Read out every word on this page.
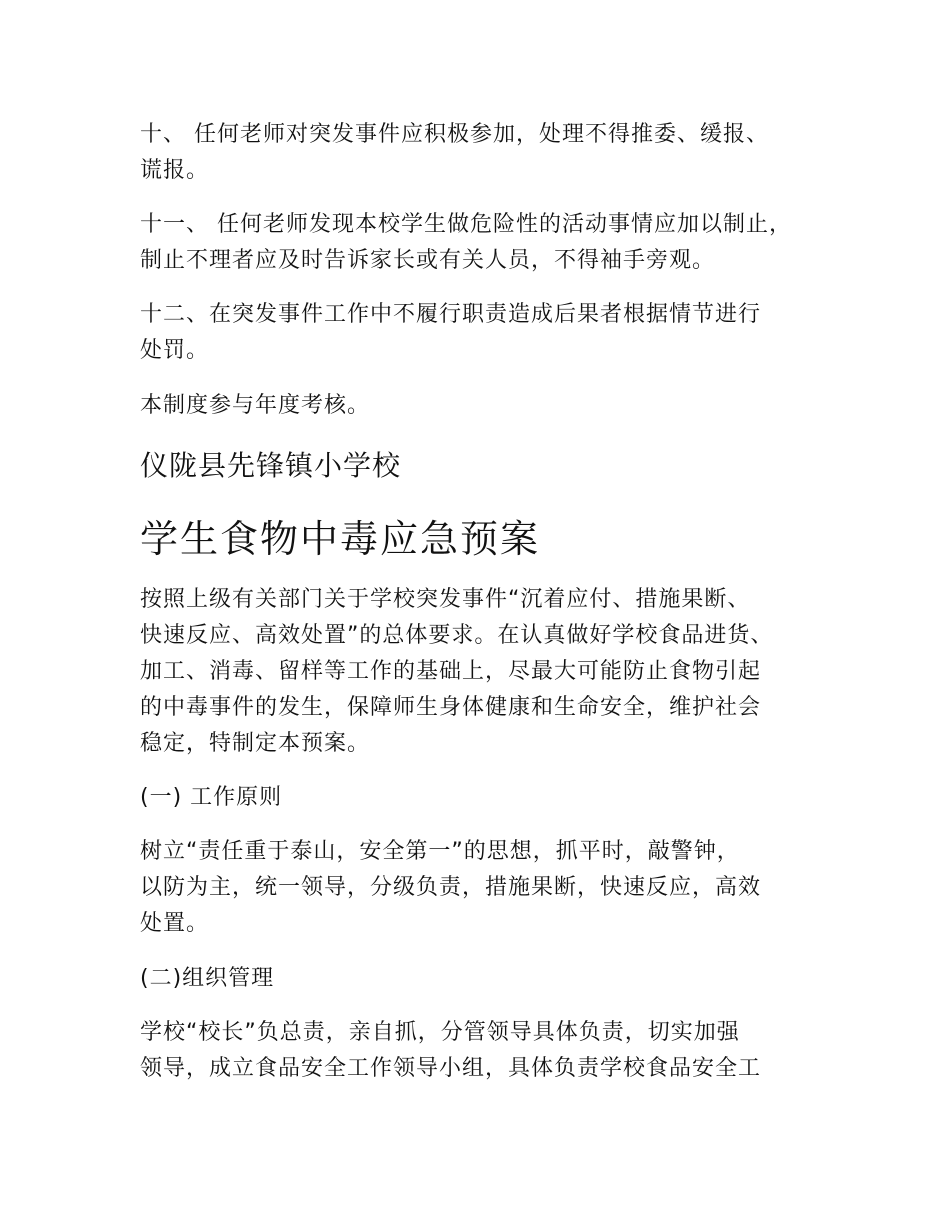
十、 任何老师对突发事件应积极参加，处理不得推委、缓报、
谎报。

十一、 任何老师发现本校学生做危险性的活动事情应加以制止，
制止不理者应及时告诉家长或有关人员，不得袖手旁观。

十二、在突发事件工作中不履行职责造成后果者根据情节进行
处罚。

本制度参与年度考核。

仪陇县先锋镇小学校
学生食物中毒应急预案

按照上级有关部门关于学校突发事件“沉着应付、措施果断、
快速反应、高效处置”的总体要求。在认真做好学校食品进货、
加工、消毒、留样等工作的基础上，尽最大可能防止食物引起
的中毒事件的发生，保障师生身体健康和生命安全，维护社会
稳定，特制定本预案。

(一) 工作原则

树立“责任重于泰山，安全第一”的思想，抓平时，敲警钟，
以防为主，统一领导，分级负责，措施果断，快速反应，高效
处置。

(二)组织管理

学校“校长”负总责，亲自抓，分管领导具体负责，切实加强
领导，成立食品安全工作领导小组，具体负责学校食品安全工
